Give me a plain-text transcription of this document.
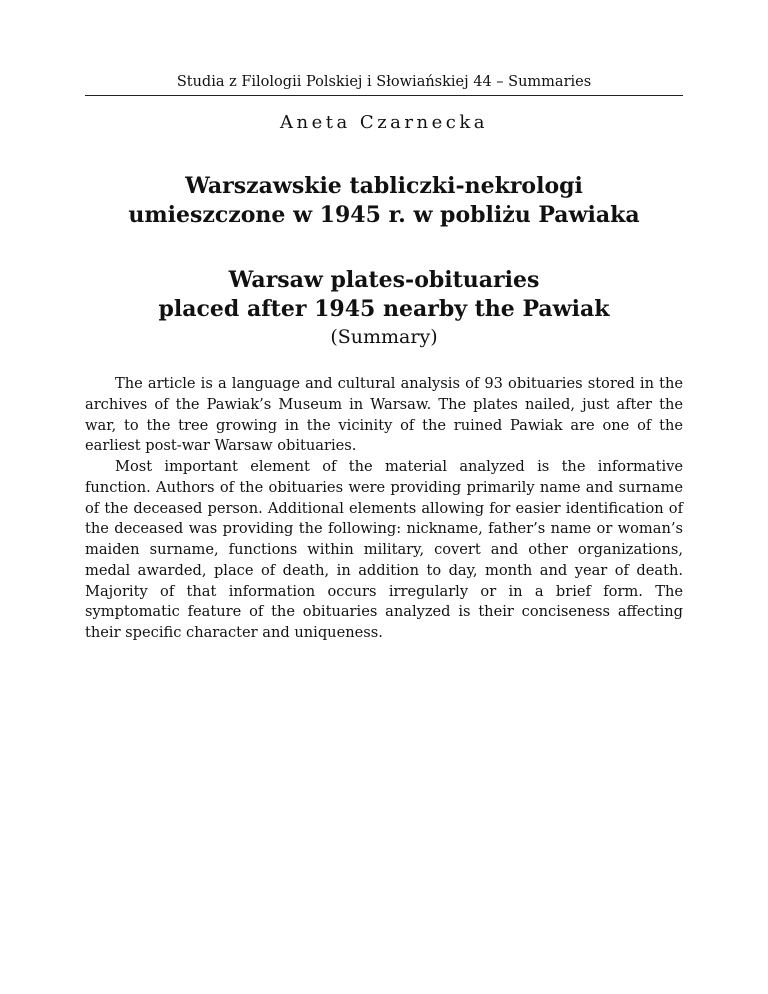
Studia z Filologii Polskiej i Słowiańskiej 44 – Summaries
Aneta Czarnecka
Warszawskie tabliczki-nekrologi
umieszczone w 1945 r. w pobliżu Pawiaka
Warsaw plates-obituaries
placed after 1945 nearby the Pawiak
(Summary)

The article is a language and cultural analysis of 93 obituaries stored in the archives of the Pawiak’s Museum in Warsaw. The plates nailed, just after the war, to the tree growing in the vicinity of the ruined Pawiak are one of the earliest post-war Warsaw obituaries.

Most important element of the material analyzed is the informative function. Authors of the obituaries were providing primarily name and surname of the deceased person. Additional elements allowing for easier identification of the deceased was providing the following: nickname, father’s name or woman’s maiden surname, functions within military, covert and other organizations, medal awarded, place of death, in addition to day, month and year of death. Majority of that information occurs irregularly or in a brief form. The symptomatic feature of the obituaries analyzed is their conciseness affecting their specific character and uniqueness.
